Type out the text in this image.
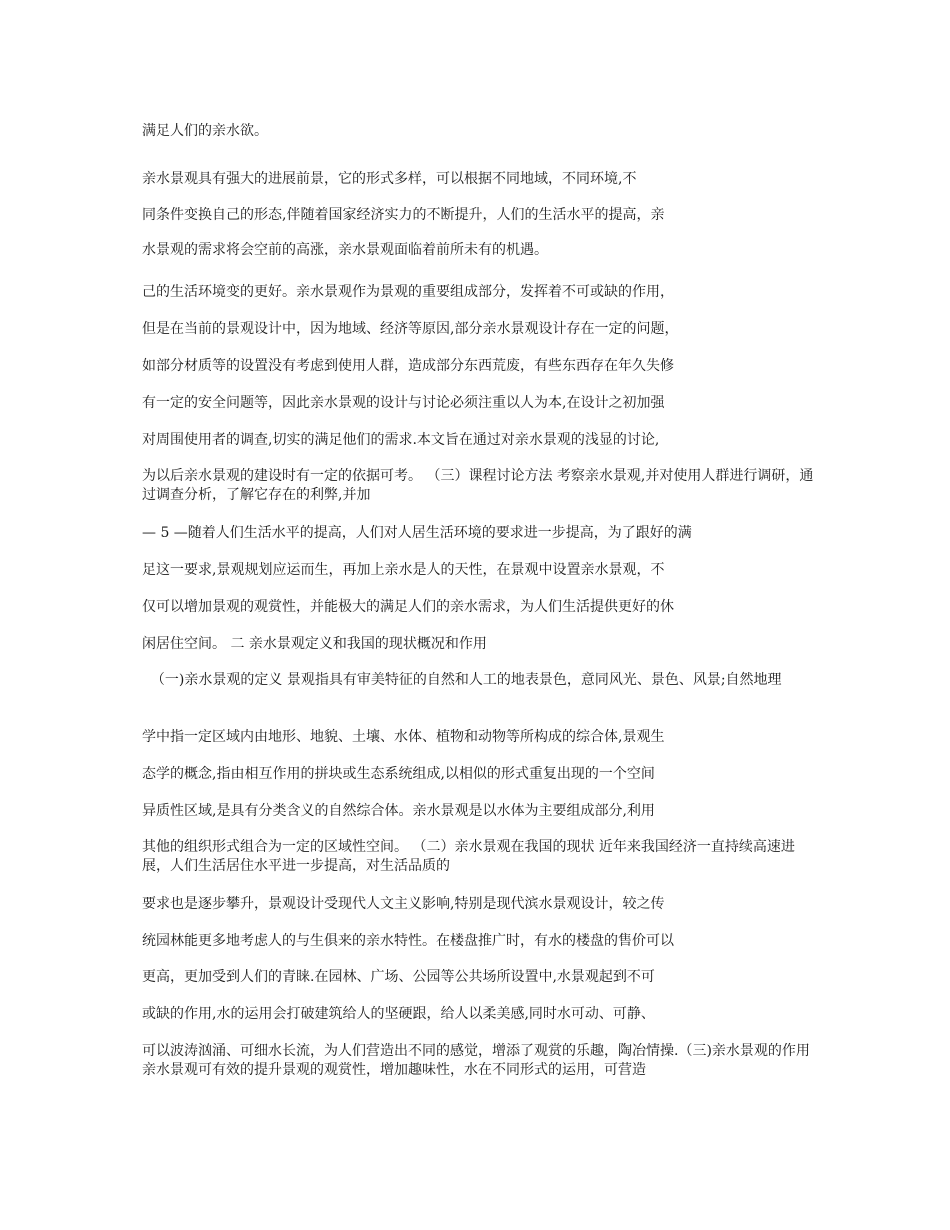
满足人们的亲水欲。

亲水景观具有强大的进展前景，它的形式多样，可以根据不同地域，不同环境,不

同条件变换自己的形态,伴随着国家经济实力的不断提升，人们的生活水平的提高，亲

水景观的需求将会空前的高涨，亲水景观面临着前所未有的机遇。

己的生活环境变的更好。亲水景观作为景观的重要组成部分，发挥着不可或缺的作用，

但是在当前的景观设计中，因为地域、经济等原因,部分亲水景观设计存在一定的问题，

如部分材质等的设置没有考虑到使用人群，造成部分东西荒废，有些东西存在年久失修

有一定的安全问题等，因此亲水景观的设计与讨论必须注重以人为本,在设计之初加强

对周围使用者的调查,切实的满足他们的需求.本文旨在通过对亲水景观的浅显的讨论,

为以后亲水景观的建设时有一定的依据可考。 （三）课程讨论方法 考察亲水景观,并对使用人群进行调研，通过调查分析，了解它存在的利弊,并加

— 5 —随着人们生活水平的提高，人们对人居生活环境的要求进一步提高，为了跟好的满

足这一要求,景观规划应运而生，再加上亲水是人的天性，在景观中设置亲水景观，不

仅可以增加景观的观赏性，并能极大的满足人们的亲水需求，为人们生活提供更好的休

闲居住空间。 二 亲水景观定义和我国的现状概况和作用

（一)亲水景观的定义 景观指具有审美特征的自然和人工的地表景色，意同风光、景色、风景;自然地理

学中指一定区域内由地形、地貌、土壤、水体、植物和动物等所构成的综合体,景观生

态学的概念,指由相互作用的拼块或生态系统组成,以相似的形式重复出现的一个空间

异质性区域,是具有分类含义的自然综合体。亲水景观是以水体为主要组成部分,利用

其他的组织形式组合为一定的区域性空间。 （二）亲水景观在我国的现状 近年来我国经济一直持续高速进展，人们生活居住水平进一步提高，对生活品质的

要求也是逐步攀升，景观设计受现代人文主义影响,特别是现代滨水景观设计，较之传

统园林能更多地考虑人的与生俱来的亲水特性。在楼盘推广时，有水的楼盘的售价可以

更高，更加受到人们的青睐.在园林、广场、公园等公共场所设置中,水景观起到不可

或缺的作用,水的运用会打破建筑给人的坚硬跟，给人以柔美感,同时水可动、可静、

可以波涛汹涌、可细水长流，为人们营造出不同的感觉，增添了观赏的乐趣，陶冶情操.（三)亲水景观的作用 亲水景观可有效的提升景观的观赏性，增加趣味性，水在不同形式的运用，可营造
